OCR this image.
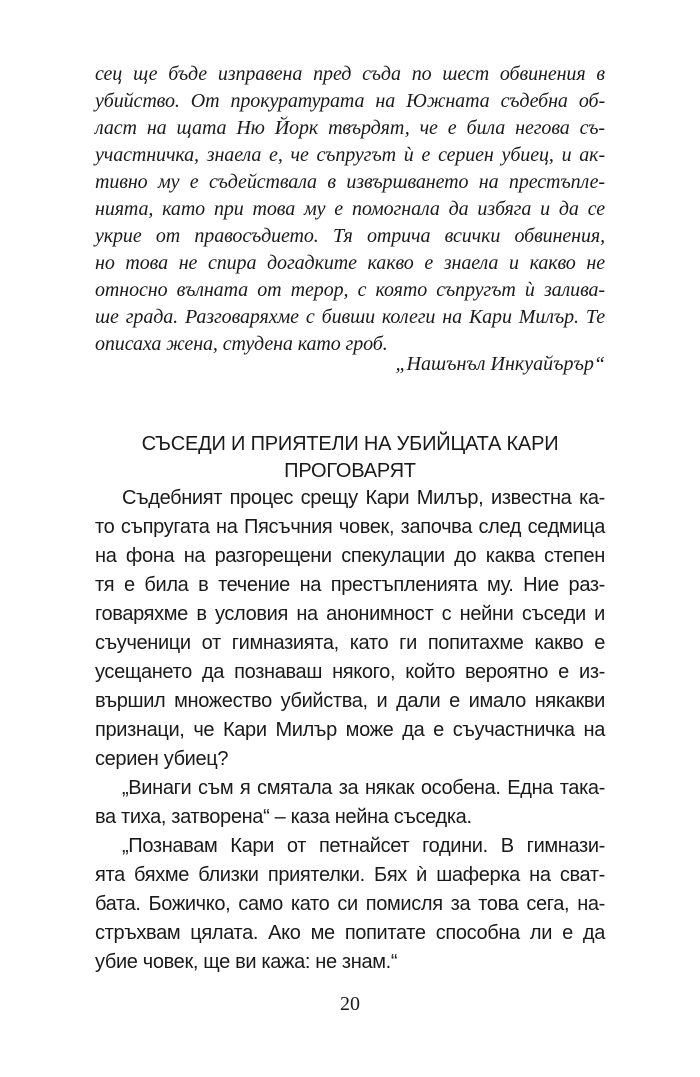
сец ще бъде изправена пред съда по шест обвинения в
убийство. От прокуратурата на Южната съдебна об-
ласт на щата Ню Йорк твърдят, че е била негова съ-
участничка, знаела е, че съпругът ѝ е сериен убиец, и ак-
тивно му е съдействала в извършването на престъпле-
нията, като при това му е помогнала да избяга и да се
укрие от правосъдието. Тя отрича всички обвинения,
но това не спира догадките какво е знаела и какво не
относно вълната от терор, с която съпругът ѝ залива-
ше града. Разговаряхме с бивши колеги на Кари Милър. Те
описаха жена, студена като гроб.
„Нашънъл Инкуайърър“
СЪСЕДИ И ПРИЯТЕЛИ НА УБИЙЦАТА КАРИ
ПРОГОВАРЯТ
Съдебният процес срещу Кари Милър, известна ка-
то съпругата на Пясъчния човек, започва след седмица
на фона на разгорещени спекулации до каква степен
тя е била в течение на престъпленията му. Ние раз-
говаряхме в условия на анонимност с нейни съседи и
съученици от гимназията, като ги попитахме какво е
усещането да познаваш някого, който вероятно е из-
вършил множество убийства, и дали е имало някакви
признаци, че Кари Милър може да е съучастничка на
сериен убиец?
„Винаги съм я смятала за някак особена. Една така-
ва тиха, затворена“ – каза нейна съседка.
„Познавам Кари от петнайсет години. В гимнази-
ята бяхме близки приятелки. Бях ѝ шаферка на сват-
бата. Божичко, само като си помисля за това сега, на-
стръхвам цялата. Ако ме попитате способна ли е да
убие човек, ще ви кажа: не знам.“
20
